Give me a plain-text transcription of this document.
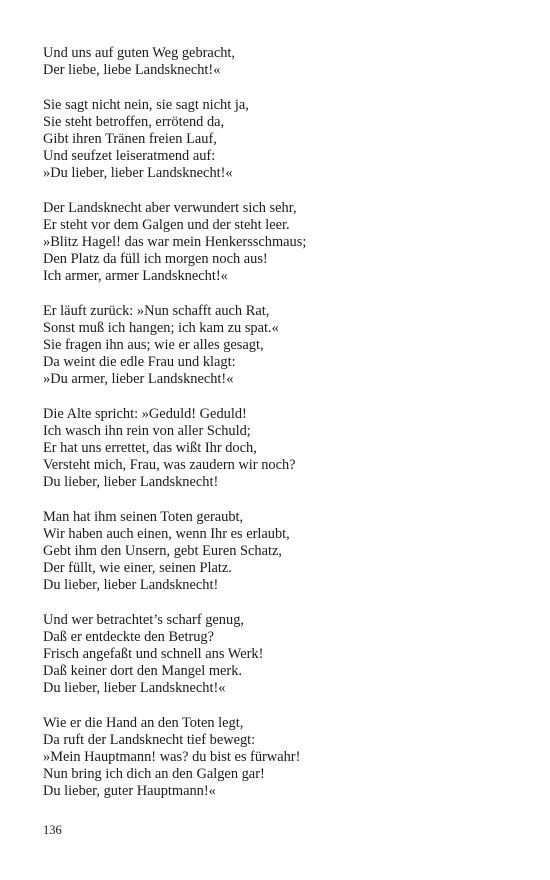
Und uns auf guten Weg gebracht,
Der liebe, liebe Landsknecht!«
Sie sagt nicht nein, sie sagt nicht ja,
Sie steht betroffen, errötend da,
Gibt ihren Tränen freien Lauf,
Und seufzet leiseratmend auf:
»Du lieber, lieber Landsknecht!«
Der Landsknecht aber verwundert sich sehr,
Er steht vor dem Galgen und der steht leer.
»Blitz Hagel! das war mein Henkersschmaus;
Den Platz da füll ich morgen noch aus!
Ich armer, armer Landsknecht!«
Er läuft zurück: »Nun schafft auch Rat,
Sonst muß ich hangen; ich kam zu spat.«
Sie fragen ihn aus; wie er alles gesagt,
Da weint die edle Frau und klagt:
»Du armer, lieber Landsknecht!«
Die Alte spricht: »Geduld! Geduld!
Ich wasch ihn rein von aller Schuld;
Er hat uns errettet, das wißt Ihr doch,
Versteht mich, Frau, was zaudern wir noch?
Du lieber, lieber Landsknecht!
Man hat ihm seinen Toten geraubt,
Wir haben auch einen, wenn Ihr es erlaubt,
Gebt ihm den Unsern, gebt Euren Schatz,
Der füllt, wie einer, seinen Platz.
Du lieber, lieber Landsknecht!
Und wer betrachtet’s scharf genug,
Daß er entdeckte den Betrug?
Frisch angefaßt und schnell ans Werk!
Daß keiner dort den Mangel merk.
Du lieber, lieber Landsknecht!«
Wie er die Hand an den Toten legt,
Da ruft der Landsknecht tief bewegt:
»Mein Hauptmann! was? du bist es fürwahr!
Nun bring ich dich an den Galgen gar!
Du lieber, guter Hauptmann!«
136
